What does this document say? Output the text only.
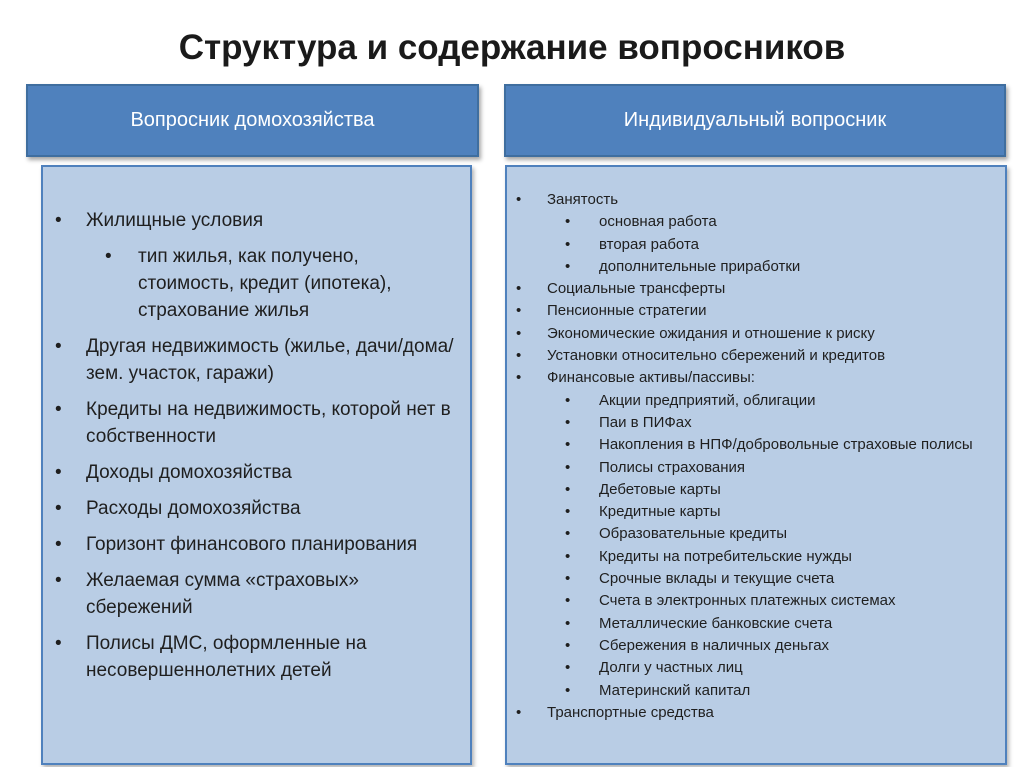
Структура и содержание вопросников
Вопросник домохозяйства	Индивидуальный вопросник
• Жилищные условия
• тип жилья, как получено, стоимость, кредит (ипотека), страхование жилья
• Другая недвижимость (жилье, дачи/дома/зем. участок, гаражи)
• Кредиты на недвижимость, которой нет в собственности
• Доходы домохозяйства
• Расходы домохозяйства
• Горизонт финансового планирования
• Желаемая сумма «страховых» сбережений
• Полисы ДМС, оформленные на несовершеннолетних детей
• Занятость
• основная работа
• вторая работа
• дополнительные приработки
• Социальные трансферты
• Пенсионные стратегии
• Экономические ожидания и отношение к риску
• Установки относительно сбережений и кредитов
• Финансовые активы/пассивы:
• Акции предприятий, облигации
• Паи в ПИФах
• Накопления в НПФ/добровольные страховые полисы
• Полисы страхования
• Дебетовые карты
• Кредитные карты
• Образовательные кредиты
• Кредиты на потребительские нужды
• Срочные вклады и текущие счета
• Счета в электронных платежных системах
• Металлические банковские счета
• Сбережения в наличных деньгах
• Долги у частных лиц
• Материнский капитал
• Транспортные средства
